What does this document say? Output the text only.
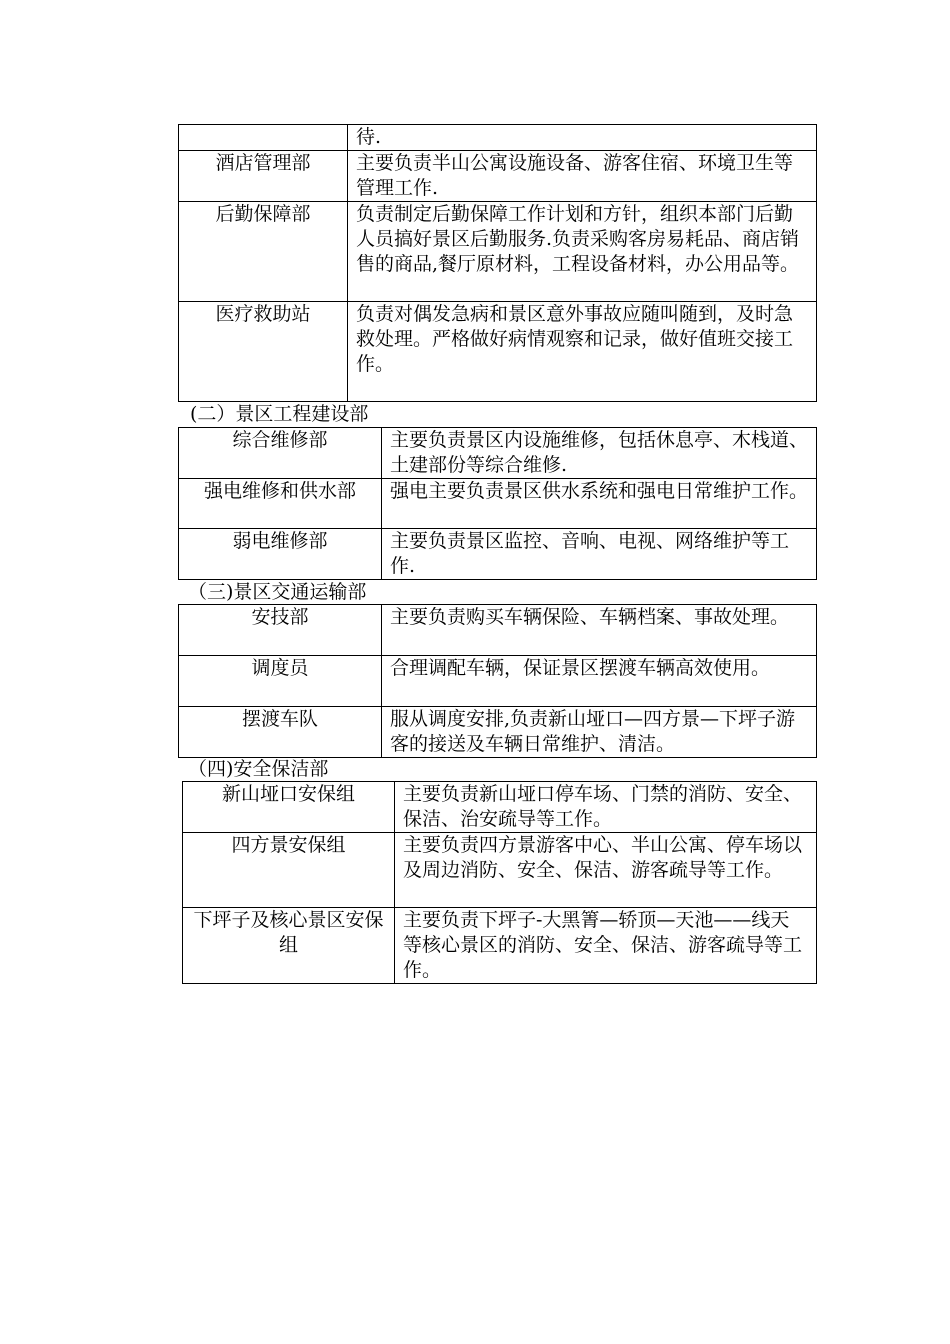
	待.
酒店管理部	主要负责半山公寓设施设备、游客住宿、环境卫生等管理工作.
后勤保障部	负责制定后勤保障工作计划和方针，组织本部门后勤人员搞好景区后勤服务.负责采购客房易耗品、商店销售的商品,餐厅原材料，工程设备材料，办公用品等。
医疗救助站	负责对偶发急病和景区意外事故应随叫随到，及时急救处理。严格做好病情观察和记录，做好值班交接工作。
(二）景区工程建设部
综合维修部	主要负责景区内设施维修，包括休息亭、木栈道、土建部份等综合维修.
强电维修和供水部	强电主要负责景区供水系统和强电日常维护工作。
弱电维修部	主要负责景区监控、音响、电视、网络维护等工作.
（三)景区交通运输部
安技部	主要负责购买车辆保险、车辆档案、事故处理。
调度员	合理调配车辆，保证景区摆渡车辆高效使用。
摆渡车队	服从调度安排,负责新山垭口—四方景—下坪子游客的接送及车辆日常维护、清洁。
（四)安全保洁部
新山垭口安保组	主要负责新山垭口停车场、门禁的消防、安全、保洁、治安疏导等工作。
四方景安保组	主要负责四方景游客中心、半山公寓、停车场以及周边消防、安全、保洁、游客疏导等工作。
下坪子及核心景区安保组	主要负责下坪子-大黑箐—轿顶—天池——线天等核心景区的消防、安全、保洁、游客疏导等工作。
